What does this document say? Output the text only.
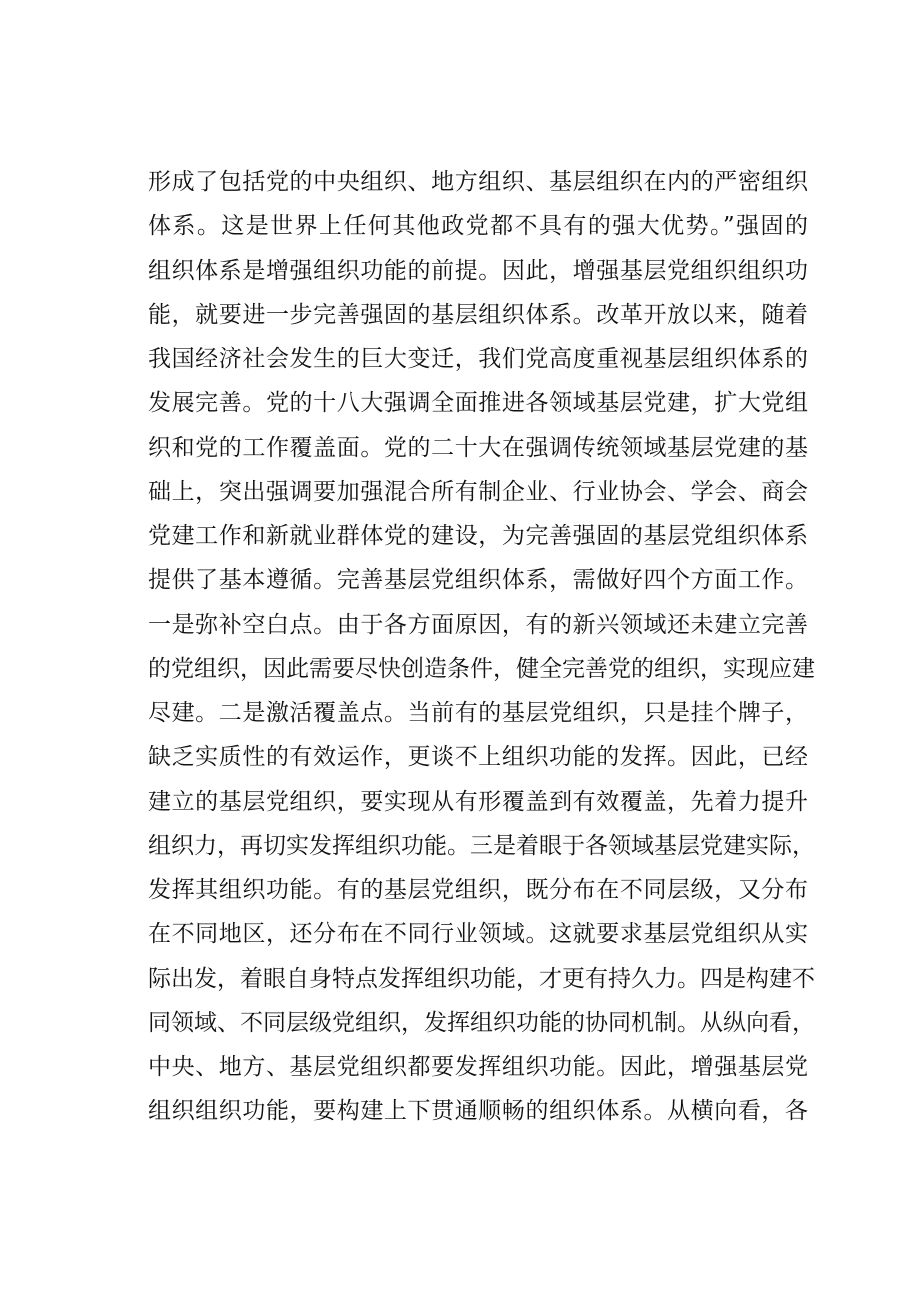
形成了包括党的中央组织、地方组织、基层组织在内的严密组织
体系。这是世界上任何其他政党都不具有的强大优势。”强固的
组织体系是增强组织功能的前提。因此，增强基层党组织组织功
能，就要进一步完善强固的基层组织体系。改革开放以来，随着
我国经济社会发生的巨大变迁，我们党高度重视基层组织体系的
发展完善。党的十八大强调全面推进各领域基层党建，扩大党组
织和党的工作覆盖面。党的二十大在强调传统领域基层党建的基
础上，突出强调要加强混合所有制企业、行业协会、学会、商会
党建工作和新就业群体党的建设，为完善强固的基层党组织体系
提供了基本遵循。完善基层党组织体系，需做好四个方面工作。
一是弥补空白点。由于各方面原因，有的新兴领域还未建立完善
的党组织，因此需要尽快创造条件，健全完善党的组织，实现应建
尽建。二是激活覆盖点。当前有的基层党组织，只是挂个牌子，
缺乏实质性的有效运作，更谈不上组织功能的发挥。因此，已经
建立的基层党组织，要实现从有形覆盖到有效覆盖，先着力提升
组织力，再切实发挥组织功能。三是着眼于各领域基层党建实际，
发挥其组织功能。有的基层党组织，既分布在不同层级，又分布
在不同地区，还分布在不同行业领域。这就要求基层党组织从实
际出发，着眼自身特点发挥组织功能，才更有持久力。四是构建不
同领域、不同层级党组织，发挥组织功能的协同机制。从纵向看，
中央、地方、基层党组织都要发挥组织功能。因此，增强基层党
组织组织功能，要构建上下贯通顺畅的组织体系。从横向看，各
